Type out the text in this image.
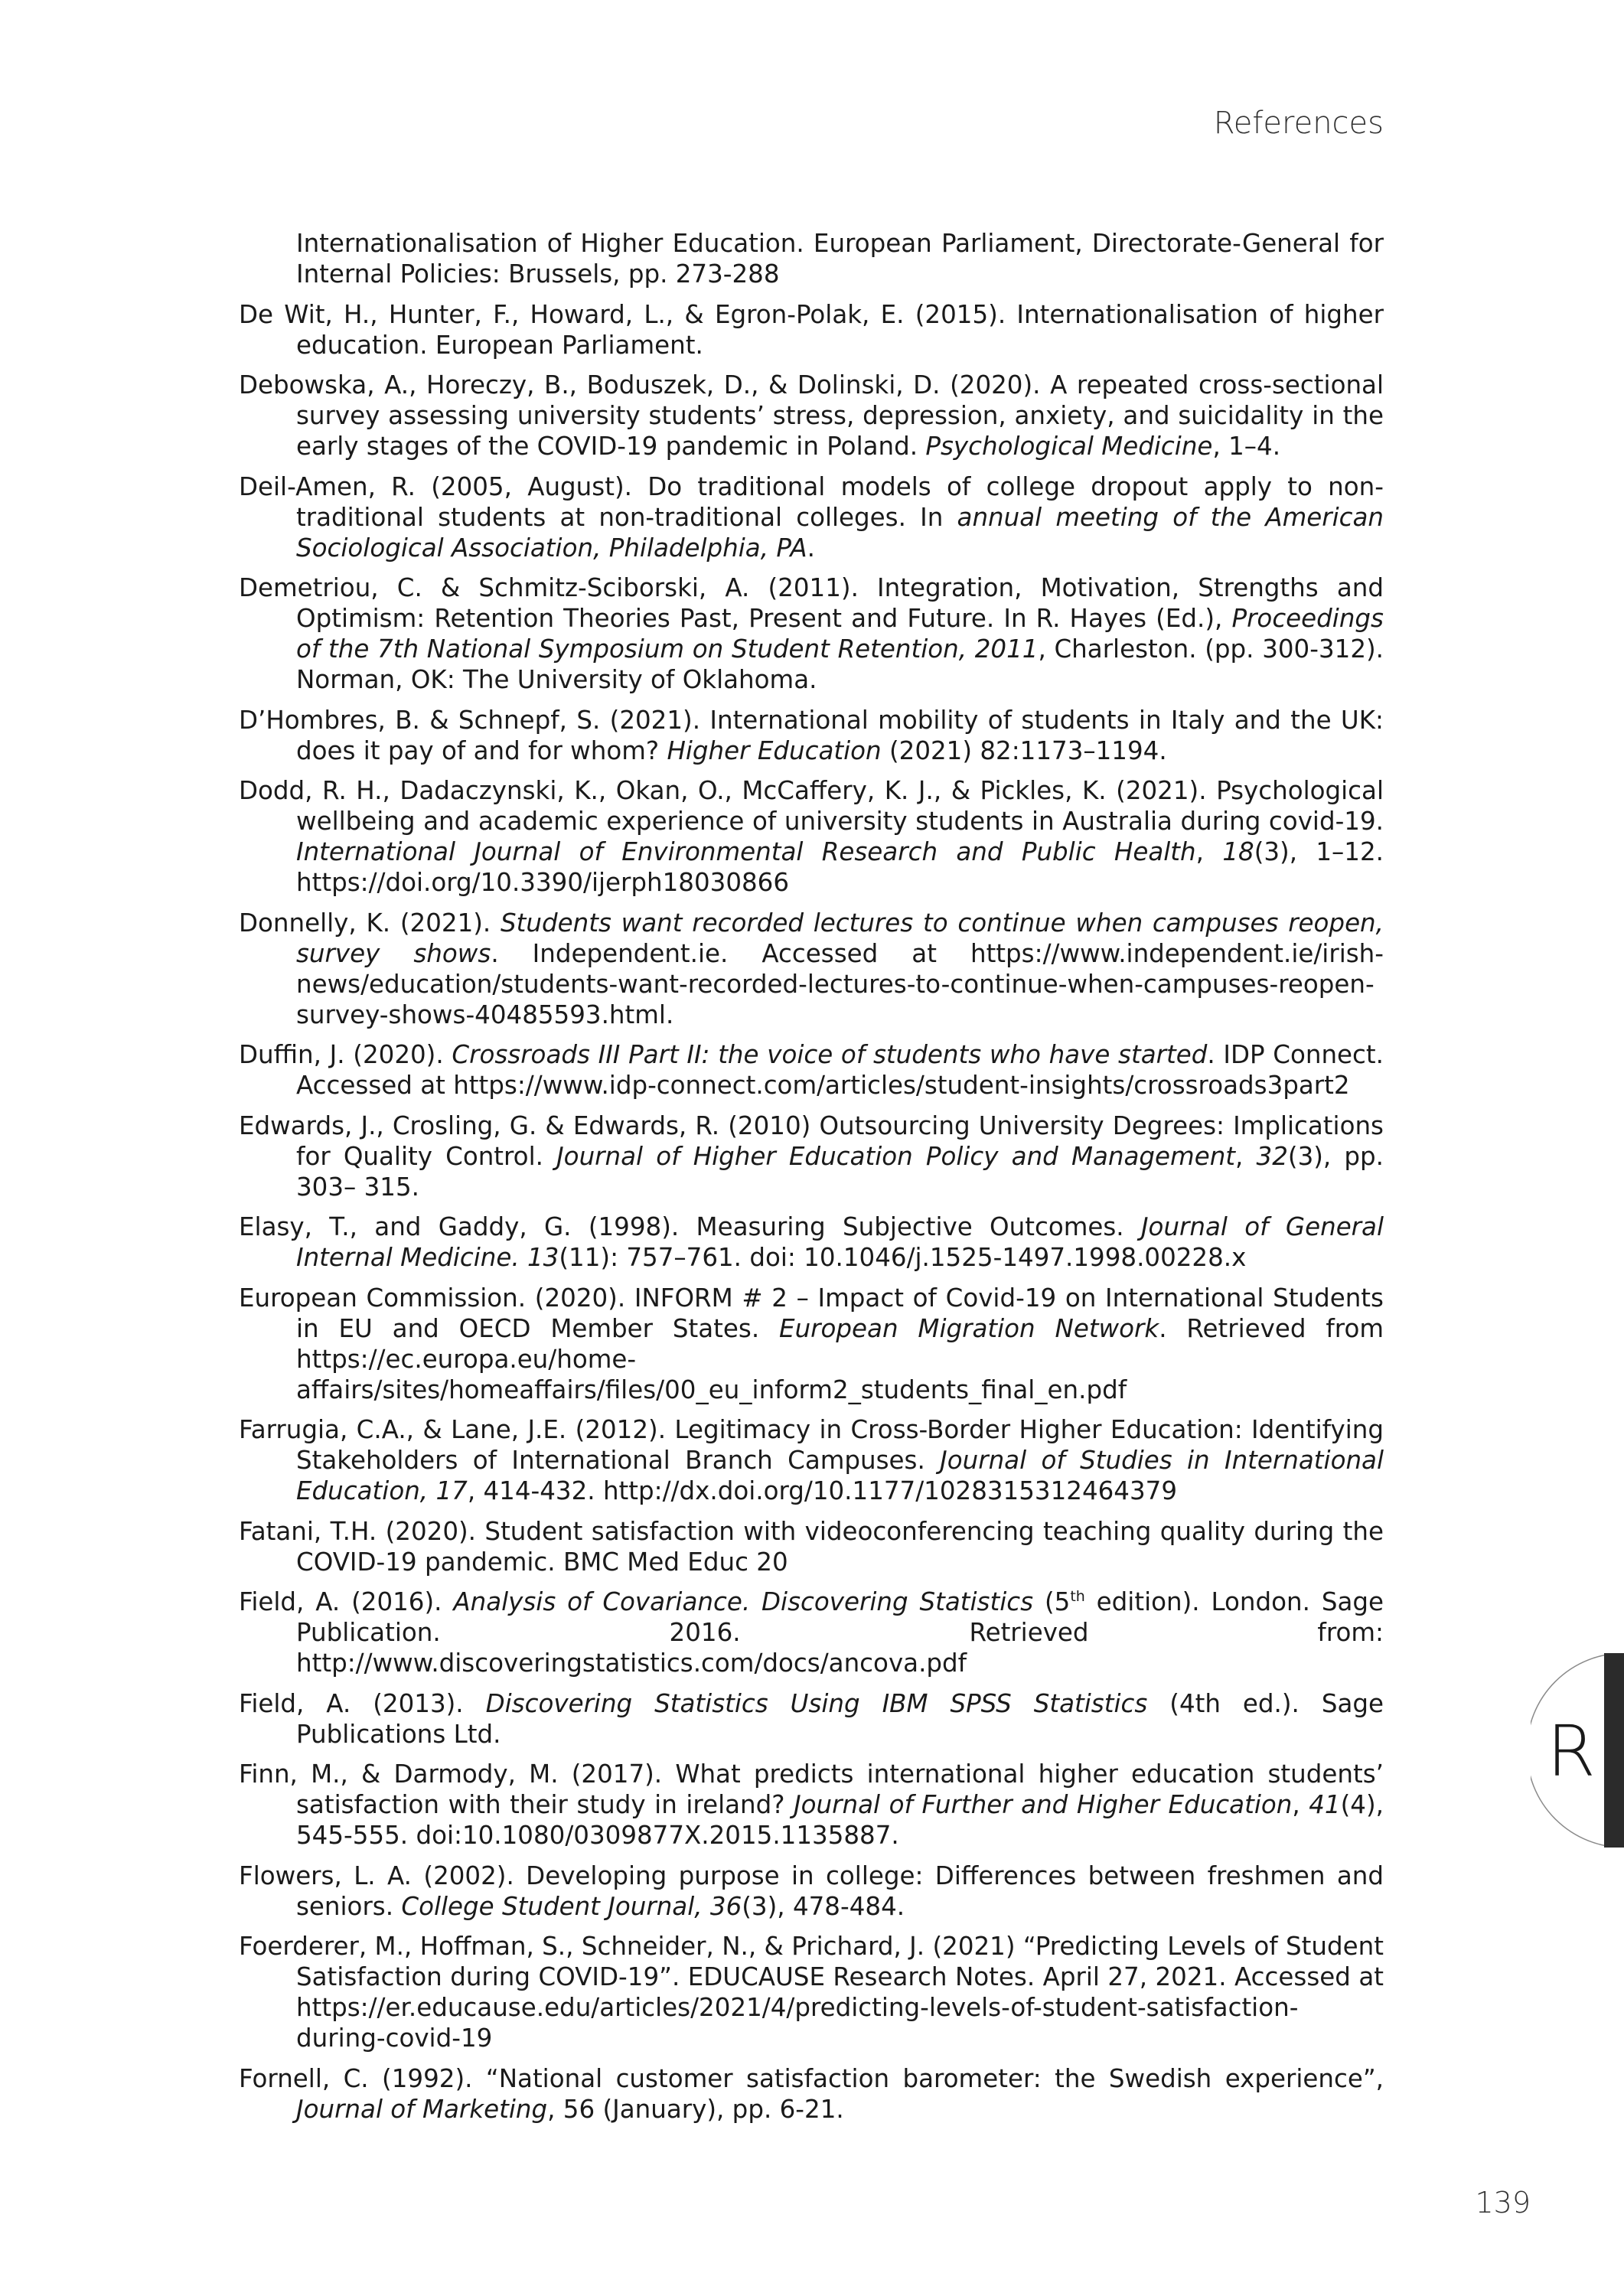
References

Internationalisation of Higher Education. European Parliament, Directorate-General for Internal Policies: Brussels, pp. 273-288

De Wit, H., Hunter, F., Howard, L., & Egron-Polak, E. (2015). Internationalisation of higher education. European Parliament.

Debowska, A., Horeczy, B., Boduszek, D., & Dolinski, D. (2020). A repeated cross-sectional survey assessing university students’ stress, depression, anxiety, and suicidality in the early stages of the COVID-19 pandemic in Poland. Psychological Medicine, 1–4.

Deil-Amen, R. (2005, August). Do traditional models of college dropout apply to non-traditional students at non-traditional colleges. In annual meeting of the American Sociological Association, Philadelphia, PA.

Demetriou, C. & Schmitz-Sciborski, A. (2011). Integration, Motivation, Strengths and Optimism: Retention Theories Past, Present and Future. In R. Hayes (Ed.), Proceedings of the 7th National Symposium on Student Retention, 2011, Charleston. (pp. 300-312). Norman, OK: The University of Oklahoma.

D’Hombres, B. & Schnepf, S. (2021). International mobility of students in Italy and the UK: does it pay of and for whom? Higher Education (2021) 82:1173–1194.

Dodd, R. H., Dadaczynski, K., Okan, O., McCaffery, K. J., & Pickles, K. (2021). Psychological wellbeing and academic experience of university students in Australia during covid-19. International Journal of Environmental Research and Public Health, 18(3), 1–12. https://doi.org/10.3390/ijerph18030866

Donnelly, K. (2021). Students want recorded lectures to continue when campuses reopen, survey shows. Independent.ie. Accessed at https://www.independent.ie/irish-news/education/students-want-recorded-lectures-to-continue-when-campuses-reopen-survey-shows-40485593.html.

Duffin, J. (2020). Crossroads III Part II: the voice of students who have started. IDP Connect. Accessed at https://www.idp-connect.com/articles/student-insights/crossroads3part2

Edwards, J., Crosling, G. & Edwards, R. (2010) Outsourcing University Degrees: Implications for Quality Control. Journal of Higher Education Policy and Management, 32(3), pp. 303– 315.

Elasy, T., and Gaddy, G. (1998). Measuring Subjective Outcomes. Journal of General Internal Medicine. 13(11): 757–761. doi: 10.1046/j.1525-1497.1998.00228.x

European Commission. (2020). INFORM # 2 – Impact of Covid-19 on International Students in EU and OECD Member States. European Migration Network. Retrieved from https://ec.europa.eu/home-affairs/sites/homeaffairs/files/00_eu_inform2_students_final_en.pdf

Farrugia, C.A., & Lane, J.E. (2012). Legitimacy in Cross-Border Higher Education: Identifying Stakeholders of International Branch Campuses. Journal of Studies in International Education, 17, 414-432. http://dx.doi.org/10.1177/1028315312464379

Fatani, T.H. (2020). Student satisfaction with videoconferencing teaching quality during the COVID-19 pandemic. BMC Med Educ 20

Field, A. (2016). Analysis of Covariance. Discovering Statistics (5th edition). London. Sage Publication. 2016. Retrieved from: http://www.discoveringstatistics.com/docs/ancova.pdf

Field, A. (2013). Discovering Statistics Using IBM SPSS Statistics (4th ed.). Sage Publications Ltd.

Finn, M., & Darmody, M. (2017). What predicts international higher education students’ satisfaction with their study in ireland? Journal of Further and Higher Education, 41(4), 545-555. doi:10.1080/0309877X.2015.1135887.

Flowers, L. A. (2002). Developing purpose in college: Differences between freshmen and seniors. College Student Journal, 36(3), 478-484.

Foerderer, M., Hoffman, S., Schneider, N., & Prichard, J. (2021) “Predicting Levels of Student Satisfaction during COVID-19”. EDUCAUSE Research Notes. April 27, 2021. Accessed at https://er.educause.edu/articles/2021/4/predicting-levels-of-student-satisfaction-during-covid-19

Fornell, C. (1992). “National customer satisfaction barometer: the Swedish experience”, Journal of Marketing, 56 (January), pp. 6-21.

R
139
